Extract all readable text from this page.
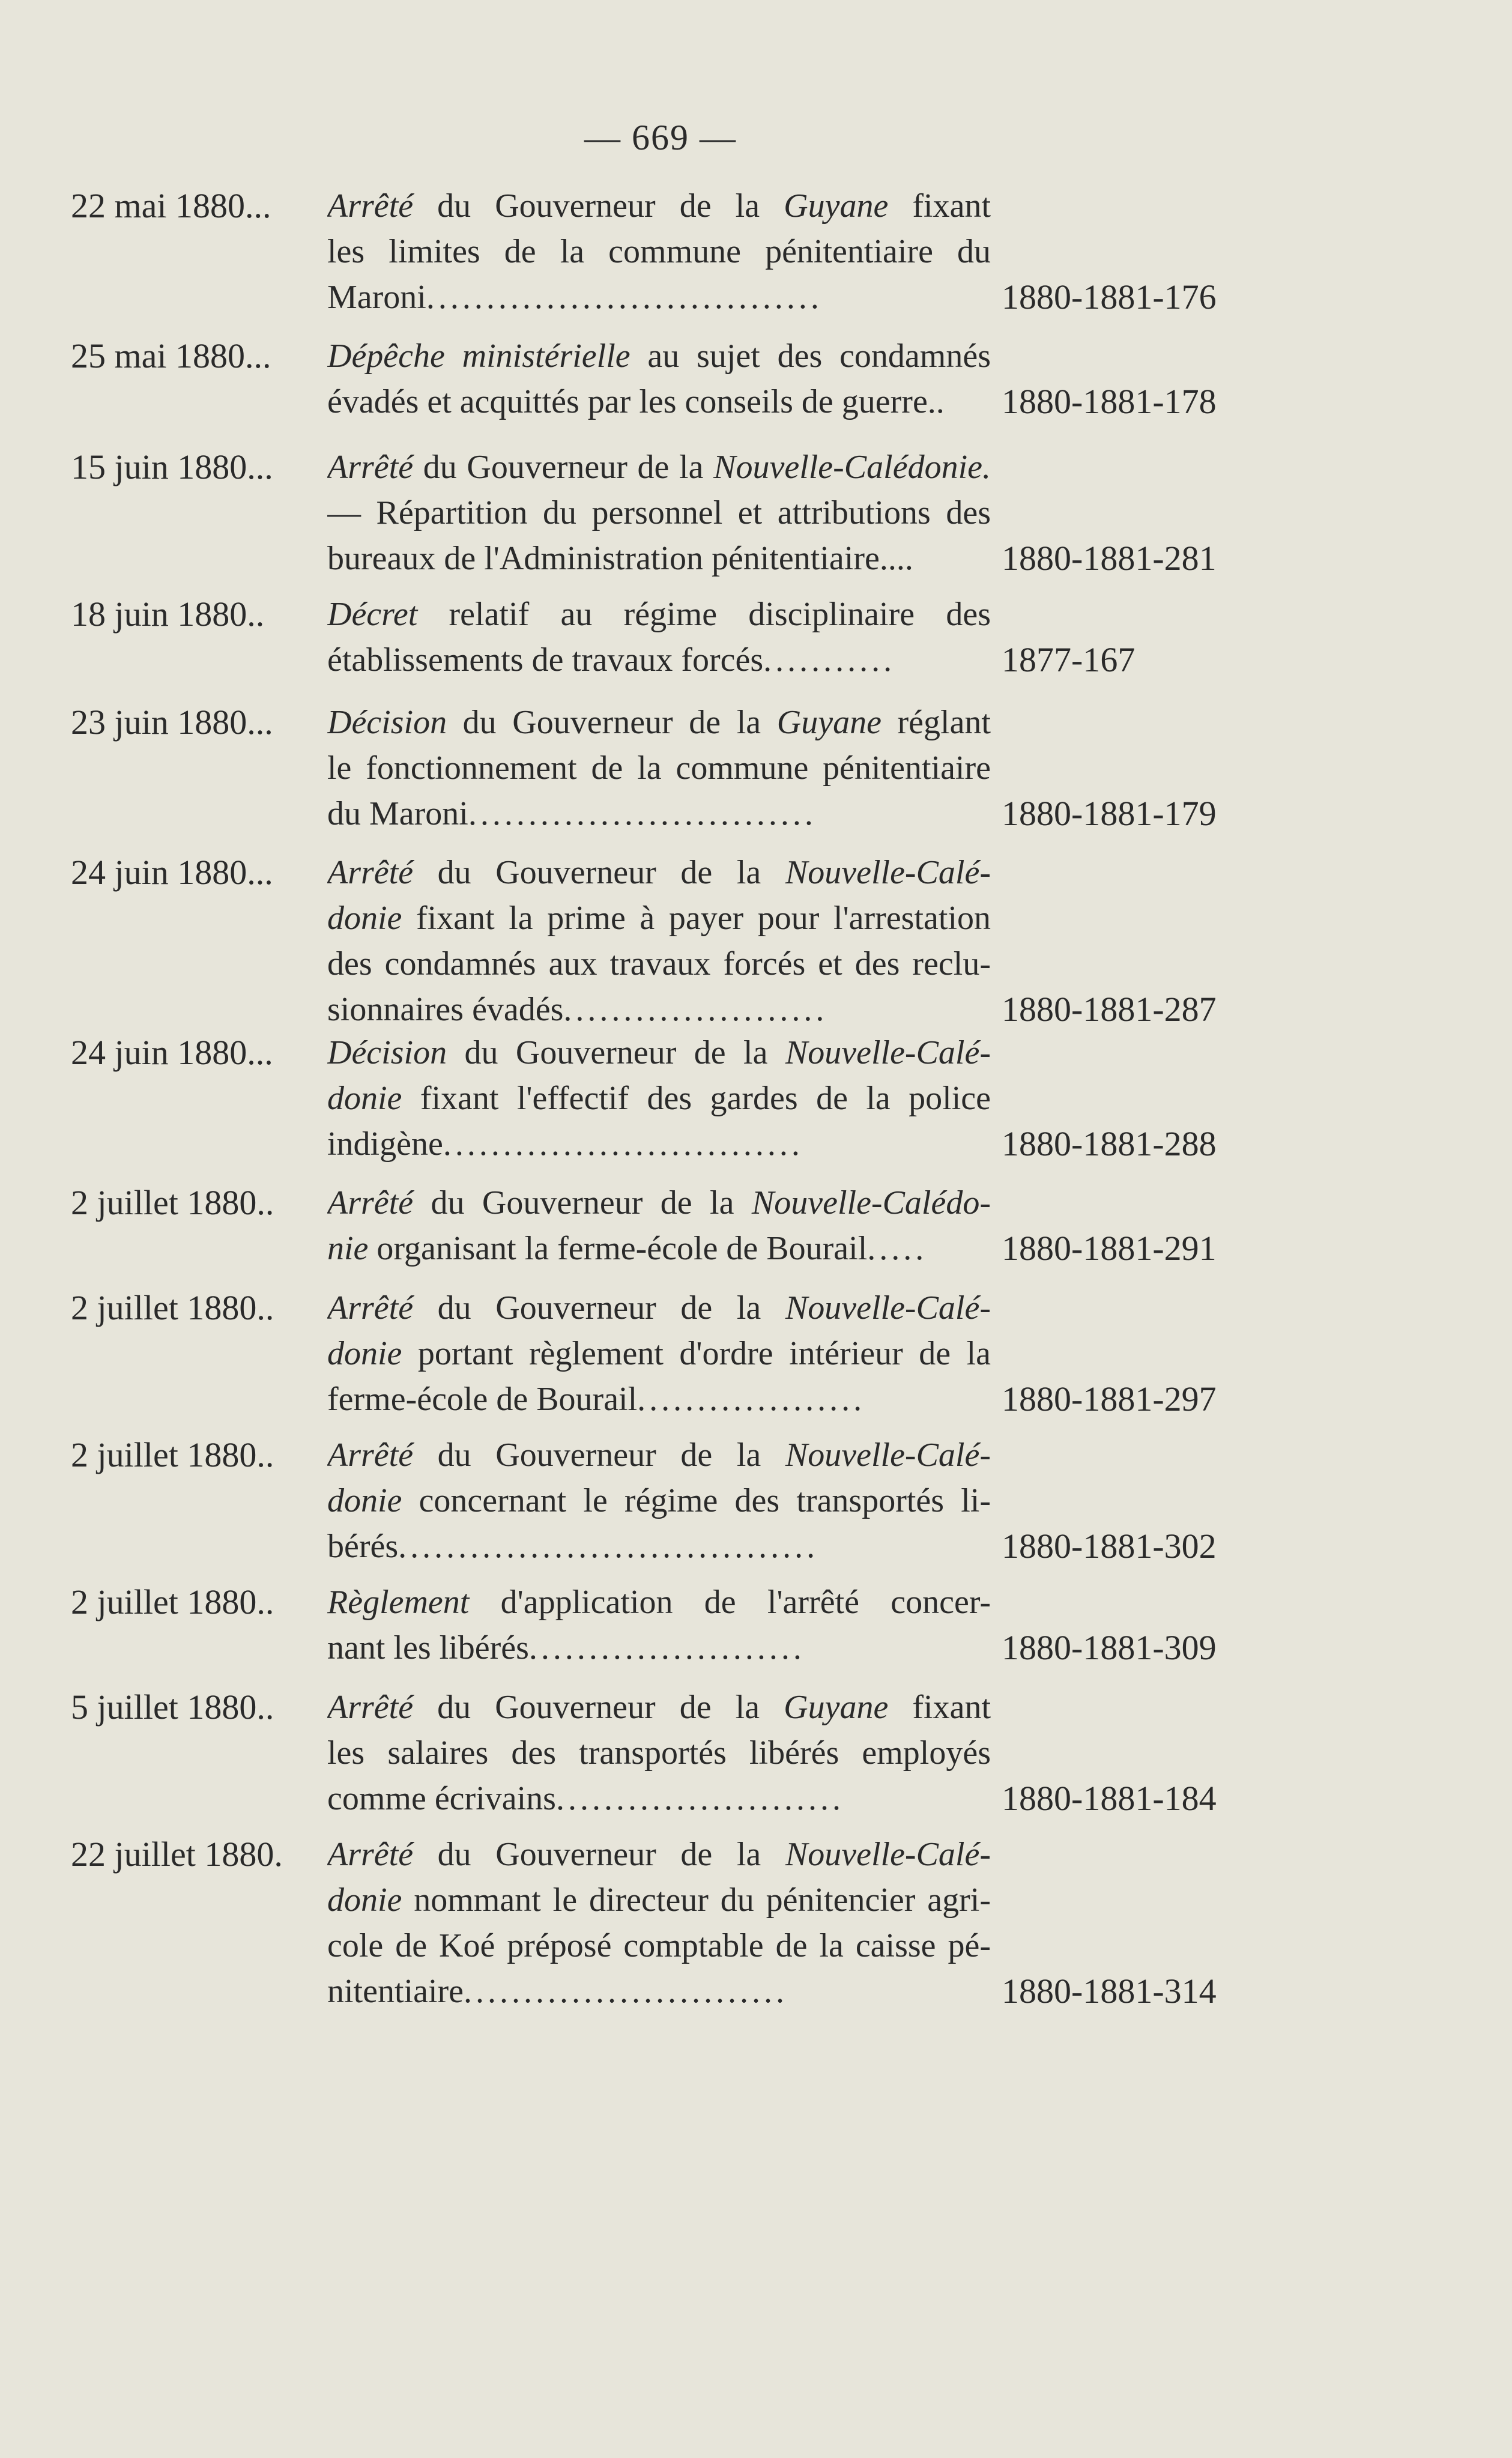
— 669 —
22 mai 1880...	Arrêté du Gouverneur de la Guyane fixant
les limites de la commune pénitentiaire du
Maroni.................................	1880-1881-176
25 mai 1880...	Dépêche ministérielle au sujet des condamnés
évadés et acquittés par les conseils de guerre..	1880-1881-178
15 juin 1880...	Arrêté du Gouverneur de la Nouvelle-Calédonie.
— Répartition du personnel et attributions des
bureaux de l'Administration pénitentiaire....	1880-1881-281
18 juin 1880..	Décret relatif au régime disciplinaire des
établissements de travaux forcés...........	1877-167
23 juin 1880...	Décision du Gouverneur de la Guyane réglant
le fonctionnement de la commune pénitentiaire
du Maroni.............................	1880-1881-179
24 juin 1880...	Arrêté du Gouverneur de la Nouvelle-Calé-
donie fixant la prime à payer pour l'arrestation
des condamnés aux travaux forcés et des reclu-
sionnaires évadés......................	1880-1881-287
24 juin 1880...	Décision du Gouverneur de la Nouvelle-Calé-
donie fixant l'effectif des gardes de la police
indigène..............................	1880-1881-288
2 juillet 1880..	Arrêté du Gouverneur de la Nouvelle-Calédo-
nie organisant la ferme-école de Bourail.....	1880-1881-291
2 juillet 1880..	Arrêté du Gouverneur de la Nouvelle-Calé-
donie portant règlement d'ordre intérieur de la
ferme-école de Bourail...................	1880-1881-297
2 juillet 1880..	Arrêté du Gouverneur de la Nouvelle-Calé-
donie concernant le régime des transportés li-
bérés...................................	1880-1881-302
2 juillet 1880..	Règlement d'application de l'arrêté concer-
nant les libérés.......................	1880-1881-309
5 juillet 1880..	Arrêté du Gouverneur de la Guyane fixant
les salaires des transportés libérés employés
comme écrivains........................	1880-1881-184
22 juillet 1880.	Arrêté du Gouverneur de la Nouvelle-Calé-
donie nommant le directeur du pénitencier agri-
cole de Koé préposé comptable de la caisse pé-
nitentiaire...........................	1880-1881-314
